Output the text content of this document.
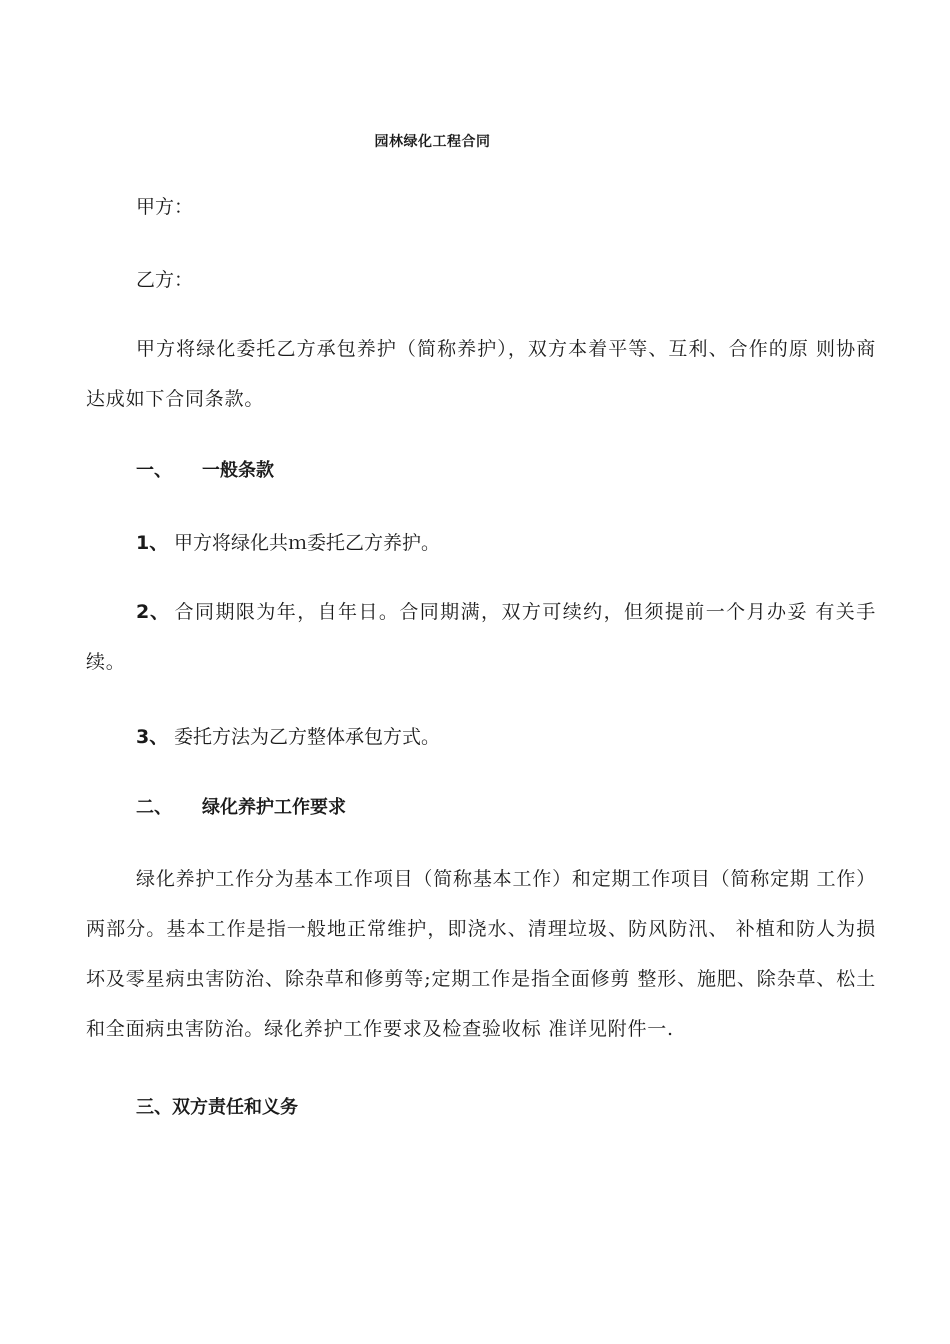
园林绿化工程合同
甲方：
乙方：
甲方将绿化委托乙方承包养护（简称养护），双方本着平等、互利、合作的原 则协商达成如下合同条款。
一、 一般条款
1、 甲方将绿化共ｍ委托乙方养护。
2、 合同期限为年，自年日。合同期满，双方可续约，但须提前一个月办妥 有关手续。
3、 委托方法为乙方整体承包方式。
二、 绿化养护工作要求
绿化养护工作分为基本工作项目（简称基本工作）和定期工作项目（简称定期 工作）两部分。基本工作是指一般地正常维护，即浇水、清理垃圾、防风防汛、 补植和防人为损坏及零星病虫害防治、除杂草和修剪等;定期工作是指全面修剪 整形、施肥、除杂草、松土和全面病虫害防治。绿化养护工作要求及检查验收标 准详见附件一.
三、双方责任和义务
